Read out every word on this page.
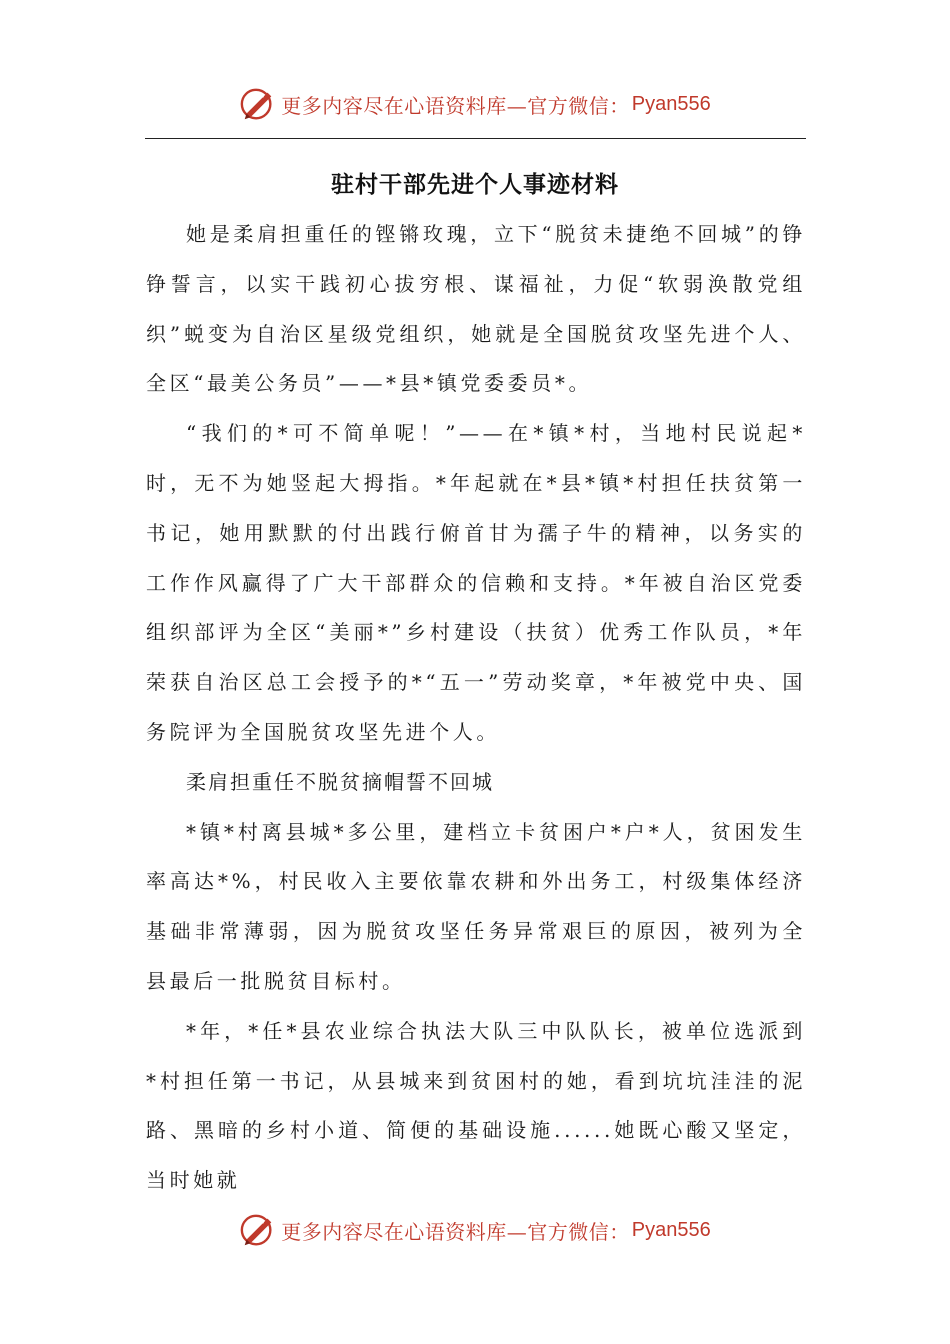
更多内容尽在心语资料库—官方微信： Pyan556
驻村干部先进个人事迹材料

她是柔肩担重任的铿锵玫瑰，立下“脱贫未捷绝不回城”的铮铮誓言，以实干践初心拔穷根、谋福祉，力促“软弱涣散党组织”蜕变为自治区星级党组织，她就是全国脱贫攻坚先进个人、全区“最美公务员”——*县*镇党委委员*。

“我们的*可不简单呢！”——在*镇*村，当地村民说起*时，无不为她竖起大拇指。*年起就在*县*镇*村担任扶贫第一书记，她用默默的付出践行俯首甘为孺子牛的精神，以务实的工作作风赢得了广大干部群众的信赖和支持。*年被自治区党委组织部评为全区“美丽*”乡村建设（扶贫）优秀工作队员，*年荣获自治区总工会授予的*“五一”劳动奖章，*年被党中央、国务院评为全国脱贫攻坚先进个人。

柔肩担重任不脱贫摘帽誓不回城

*镇*村离县城*多公里，建档立卡贫困户*户*人，贫困发生率高达*%，村民收入主要依靠农耕和外出务工，村级集体经济基础非常薄弱，因为脱贫攻坚任务异常艰巨的原因，被列为全县最后一批脱贫目标村。

*年，*任*县农业综合执法大队三中队队长，被单位选派到*村担任第一书记，从县城来到贫困村的她，看到坑坑洼洼的泥路、黑暗的乡村小道、简便的基础设施......她既心酸又坚定，当时她就

更多内容尽在心语资料库—官方微信： Pyan556
